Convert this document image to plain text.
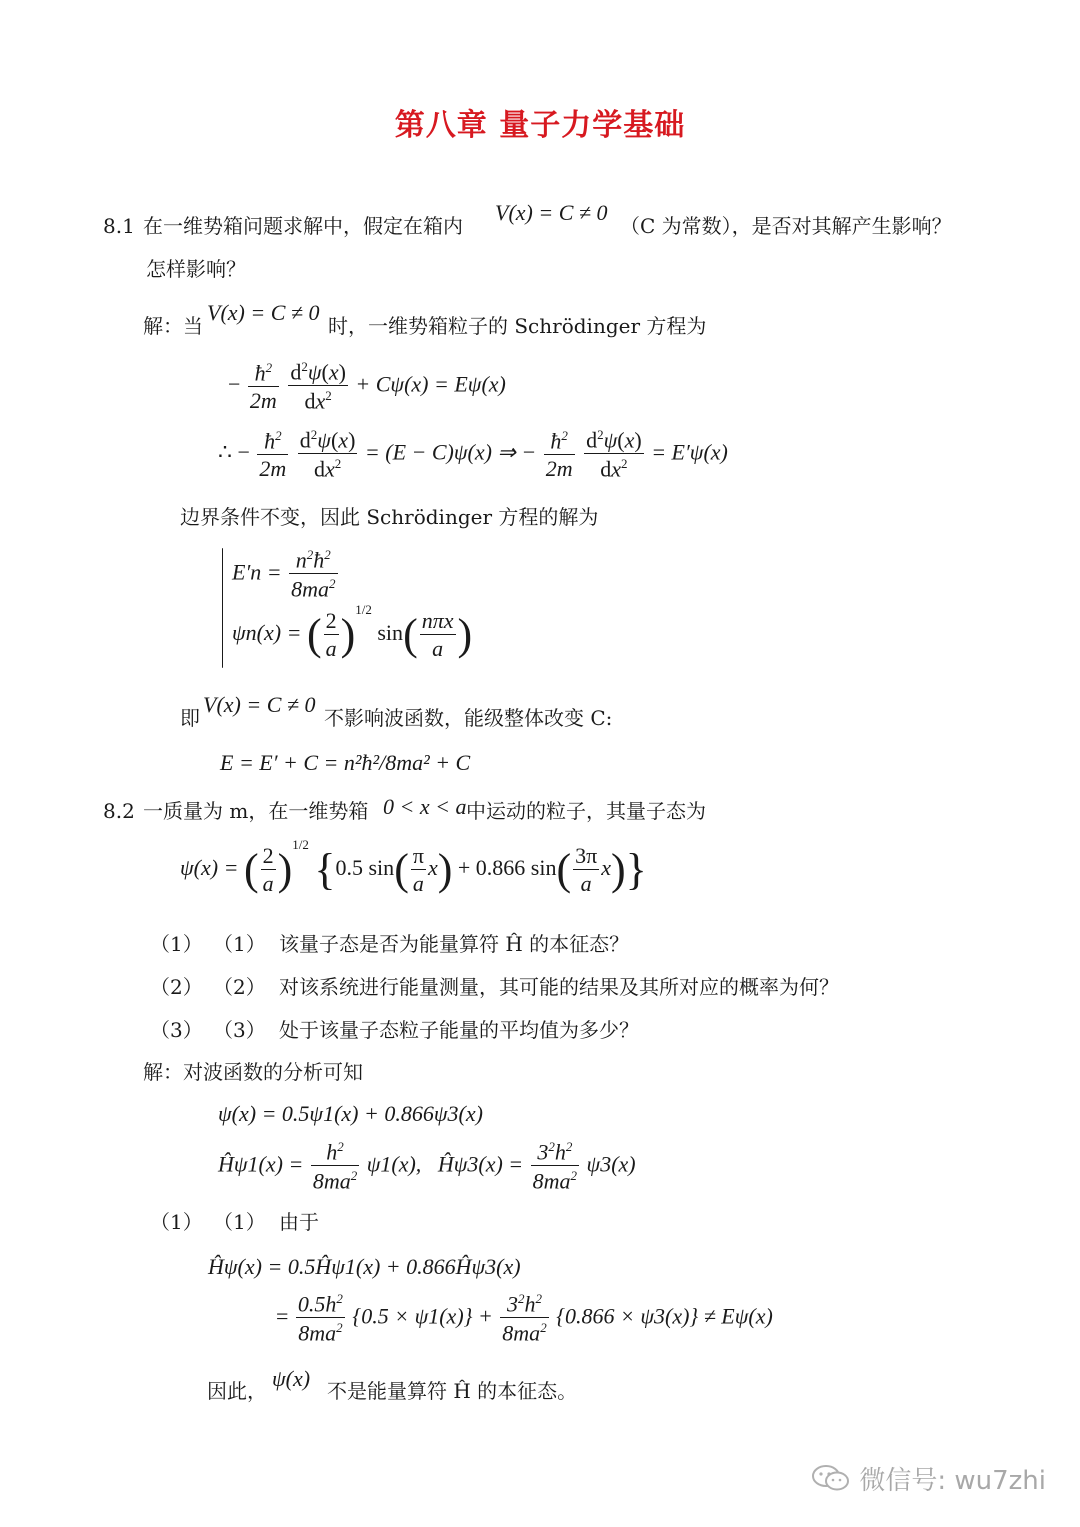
第八章 量子力学基础
8.1 在一维势箱问题求解中，假定在箱内
V(x) = C ≠ 0
（C 为常数），是否对其解产生影响？
怎样影响？
解：当
V(x) = C ≠ 0
时，一维势箱粒子的 Schrödinger 方程为
− $\frac{ħ^2}{2m}$
$\frac{d^2\psi(x)}{dx^2} + C\psi(x) = E\psi(x)$
∴ − $\frac{ħ^2}{2m}$
$\frac{d^2\psi(x)}{dx^2} = (E - C)\psi(x)$ ⇒ − $\frac{ħ^2}{2m}$
$\frac{d^2\psi(x)}{dx^2} = E'\psi(x)$
边界条件不变，因此 Schrödinger 方程的解为
$E'n = \frac{n^2ħ^2}{8ma^2}$
ψn(x) = ( $\frac{2}{a} )^{1/2}$ $\sin( \frac{\text{nπx}}{a}$ )
即
V(x) = C ≠ 0
不影响波函数，能级整体改变 C:
E = E′ + C = n²ħ²/8ma² + C
8.2 一质量为 m，在一维势箱 0 < x < a 中运动的粒子，其量子态为
ψ(x) = ( $\frac{2}{a} )^{1/2}$ {0.5 $\sin( \frac{\pi}{a} x) + 0.866$ $\sin( \frac{3\pi}{a} x)$}
（1） （1） 该量子态是否为能量算符 Ĥ 的本征态？
（2） （2） 对该系统进行能量测量，其可能的结果及其所对应的概率为何？
（3） （3） 处于该量子态粒子能量的平均值为多少？
解：对波函数的分析可知
ψ(x) = 0.5ψ1(x) + 0.866ψ3(x)
Ĥψ1(x) = $\frac{h^2}{8ma^2} \psi 1(x)$, Ĥψ3(x) = $\frac{3^2h^2}{8ma^2} \psi 3(x)$
（1） （1） 由于
Ĥψ(x) = 0.5Ĥψ1(x) + 0.866Ĥψ3(x)
= $\frac{0.5h^2}{8ma^2} \{0.5 \times \psi 1(x)\} + \frac{3^2h^2}{8ma^2} \{0.866 \times \psi 3(x)\} \ne E\psi(x)$
因此， ψ(x) 不是能量算符 Ĥ 的本征态。
微信号: wu7zhi
